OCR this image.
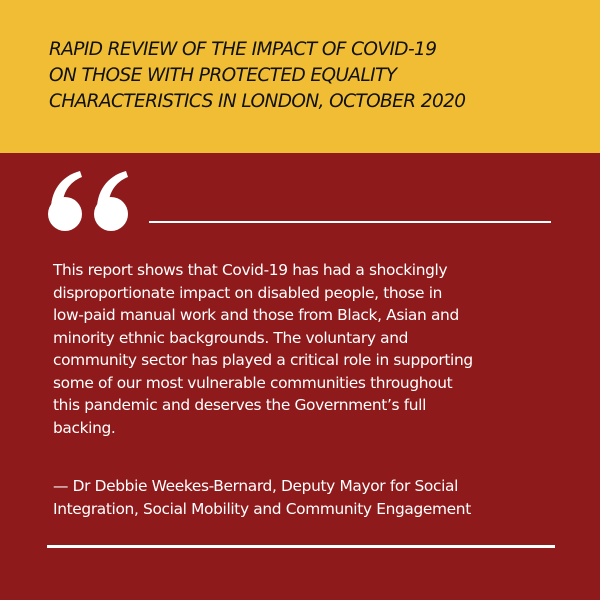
RAPID REVIEW OF THE IMPACT OF COVID-19
ON THOSE WITH PROTECTED EQUALITY
CHARACTERISTICS IN LONDON, OCTOBER 2020

This report shows that Covid-19 has had a shockingly
disproportionate impact on disabled people, those in
low-paid manual work and those from Black, Asian and
minority ethnic backgrounds. The voluntary and
community sector has played a critical role in supporting
some of our most vulnerable communities throughout
this pandemic and deserves the Government’s full
backing.

— Dr Debbie Weekes-Bernard, Deputy Mayor for Social
Integration, Social Mobility and Community Engagement
